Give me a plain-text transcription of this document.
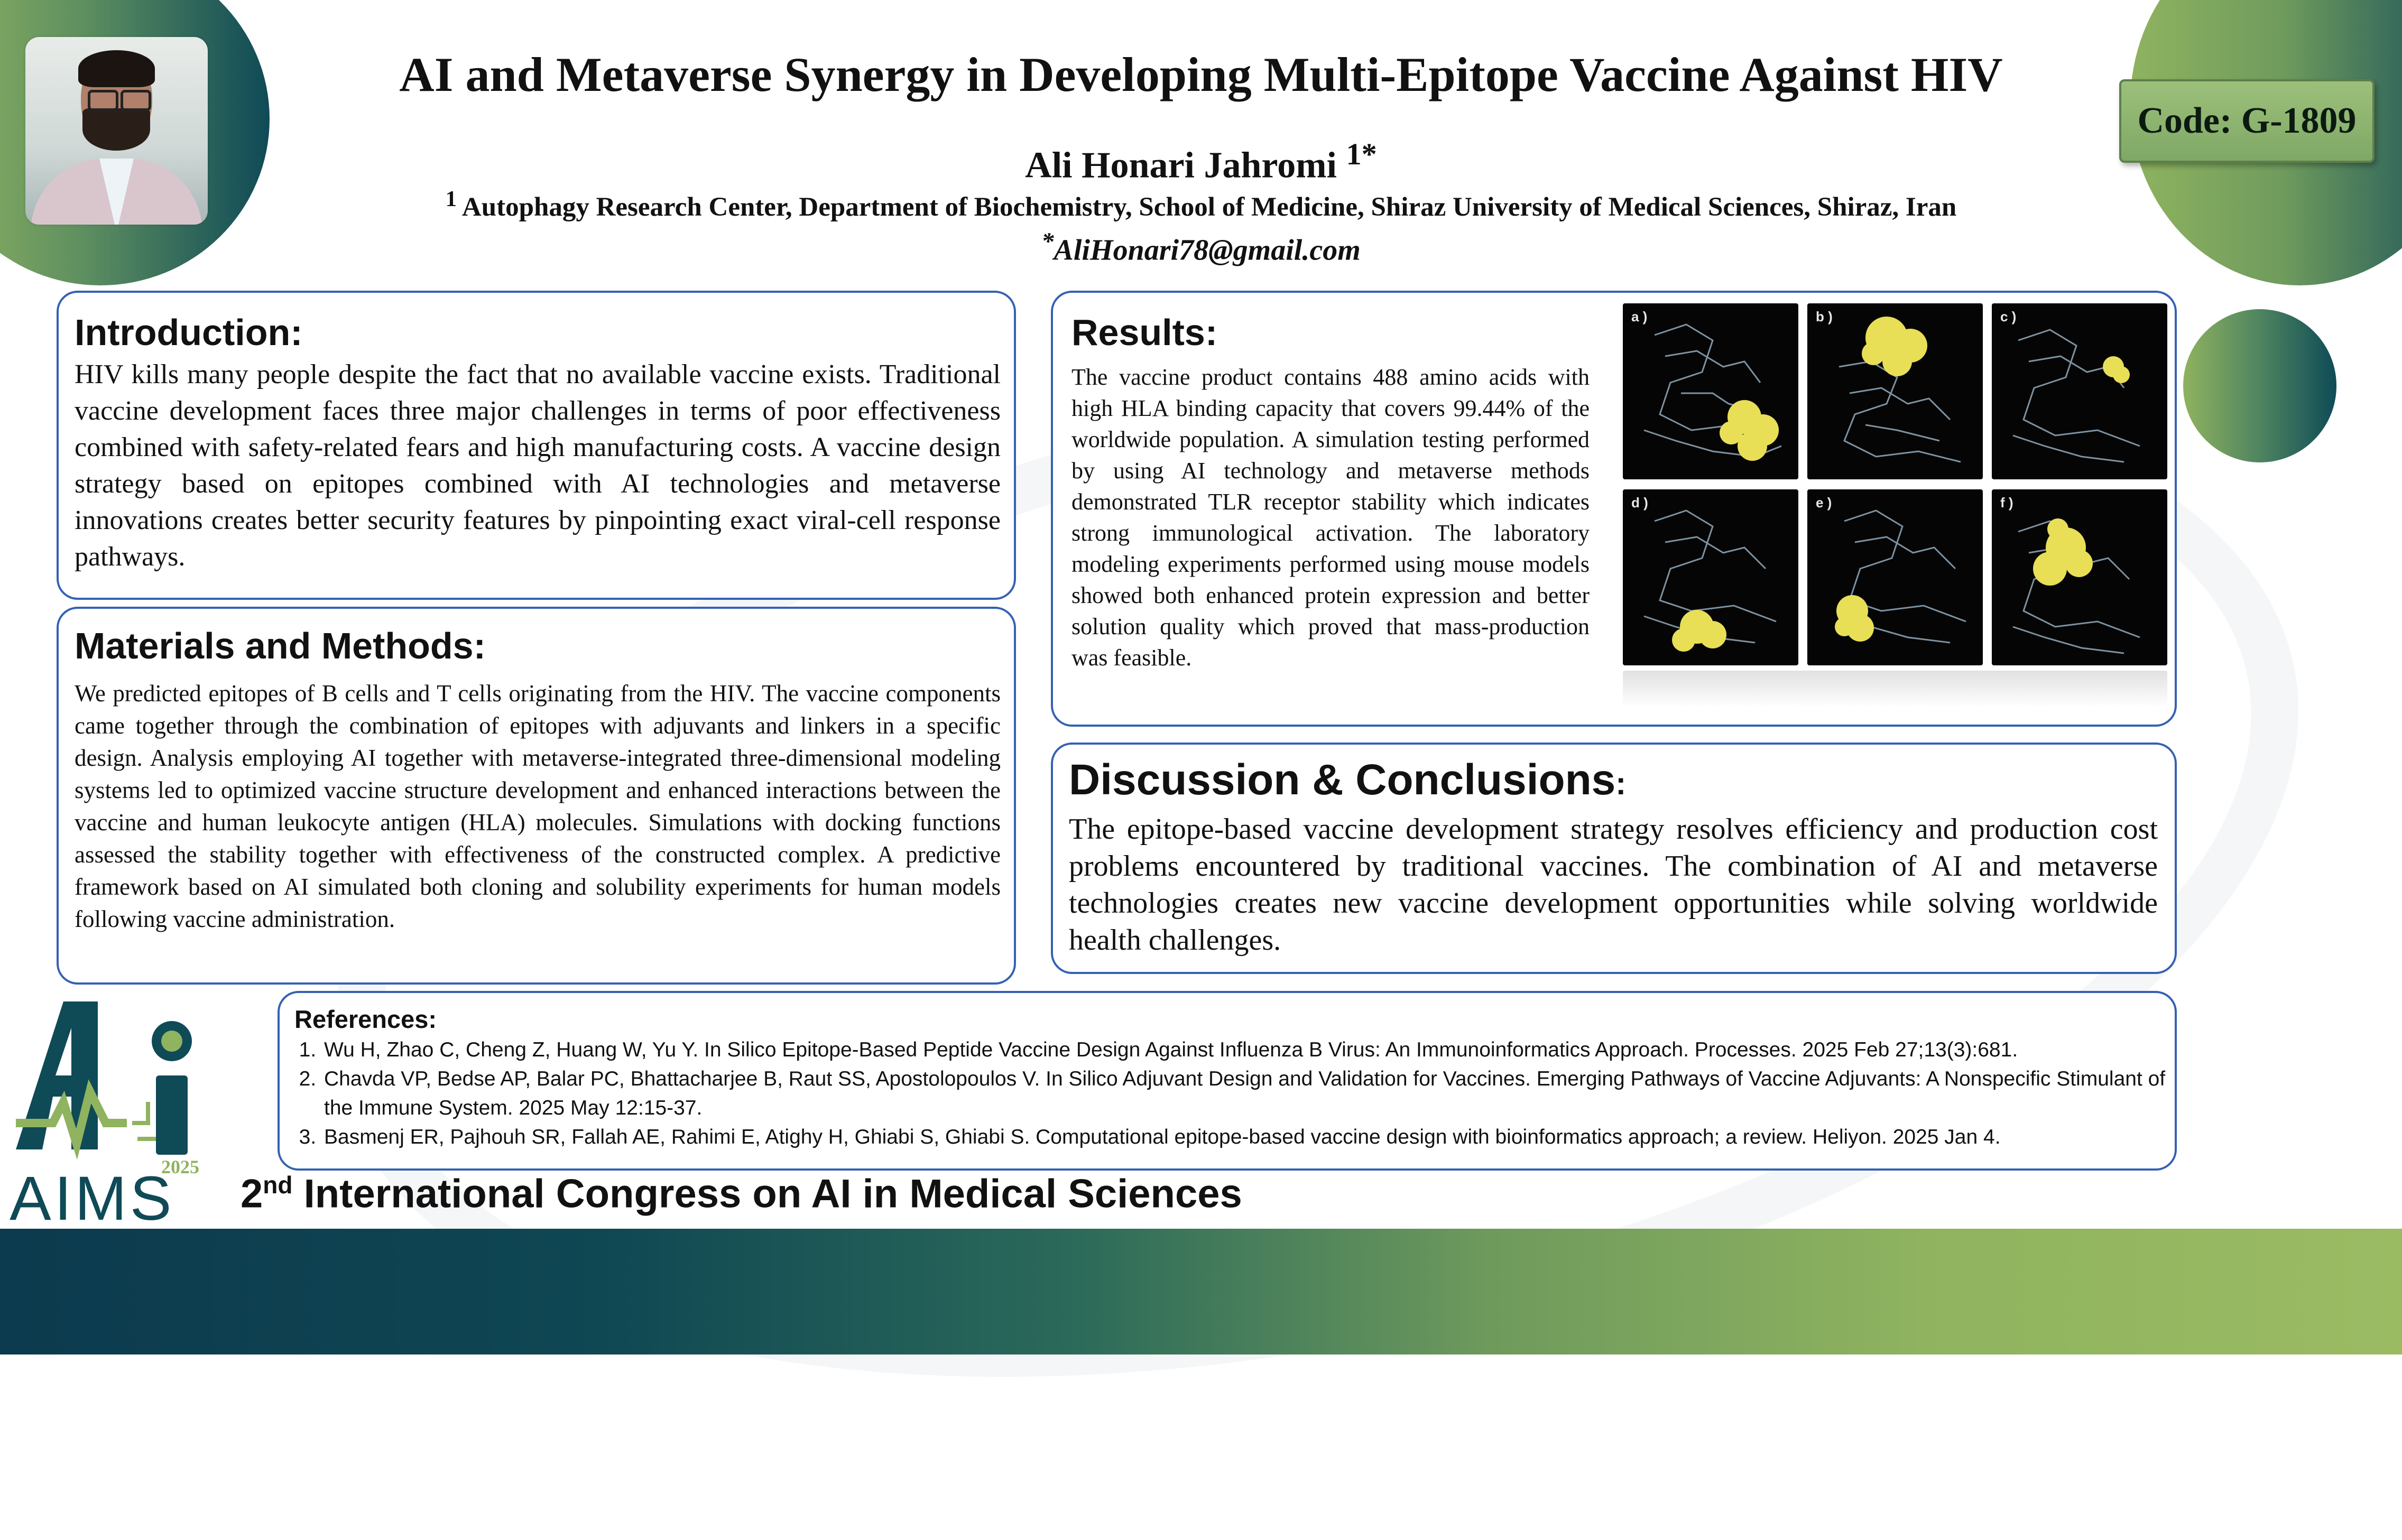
AI and Metaverse Synergy in Developing Multi-Epitope Vaccine Against HIV
Ali Honari Jahromi $^{1*}$
$^1$ Autophagy Research Center, Department of Biochemistry, School of Medicine, Shiraz University of Medical Sciences, Shiraz, Iran
*AliHonari78@gmail.com
Code: G-1809
Introduction:
HIV kills many people despite the fact that no available vaccine exists. Traditional vaccine development faces three major challenges in terms of poor effectiveness combined with safety-related fears and high manufacturing costs. A vaccine design strategy based on epitopes combined with AI technologies and metaverse innovations creates better security features by pinpointing exact viral-cell response pathways.
Materials and Methods:
We predicted epitopes of B cells and T cells originating from the HIV. The vaccine components came together through the combination of epitopes with adjuvants and linkers in a specific design. Analysis employing AI together with metaverse-integrated three-dimensional modeling systems led to optimized vaccine structure development and enhanced interactions between the vaccine and human leukocyte antigen (HLA) molecules. Simulations with docking functions assessed the stability together with effectiveness of the constructed complex. A predictive framework based on AI simulated both cloning and solubility experiments for human models following vaccine administration.
Results:
The vaccine product contains 488 amino acids with high HLA binding capacity that covers 99.44% of the worldwide population. A simulation testing performed by using AI technology and metaverse methods demonstrated TLR receptor stability which indicates strong immunological activation. The laboratory modeling experiments performed using mouse models showed both enhanced protein expression and better solution quality which proved that mass-production was feasible.
a )	b )	c )
d )	e )	f )
Discussion & Conclusions:
The epitope-based vaccine development strategy resolves efficiency and production cost problems encountered by traditional vaccines. The combination of AI and metaverse technologies creates new vaccine development opportunities while solving worldwide health challenges.
References:
1. Wu H, Zhao C, Cheng Z, Huang W, Yu Y. In Silico Epitope-Based Peptide Vaccine Design Against Influenza B Virus: An Immunoinformatics Approach. Processes. 2025 Feb 27;13(3):681.
2. Chavda VP, Bedse AP, Balar PC, Bhattacharjee B, Raut SS, Apostolopoulos V. In Silico Adjuvant Design and Validation for Vaccines. Emerging Pathways of Vaccine Adjuvants: A Nonspecific Stimulant of the Immune System. 2025 May 12:15-37.
3. Basmenj ER, Pajhouh SR, Fallah AE, Rahimi E, Atighy H, Ghiabi S, Ghiabi S. Computational epitope-based vaccine design with bioinformatics approach; a review. Heliyon. 2025 Jan 4.
2025
AIMS 2nd International Congress on AI in Medical Sciences
